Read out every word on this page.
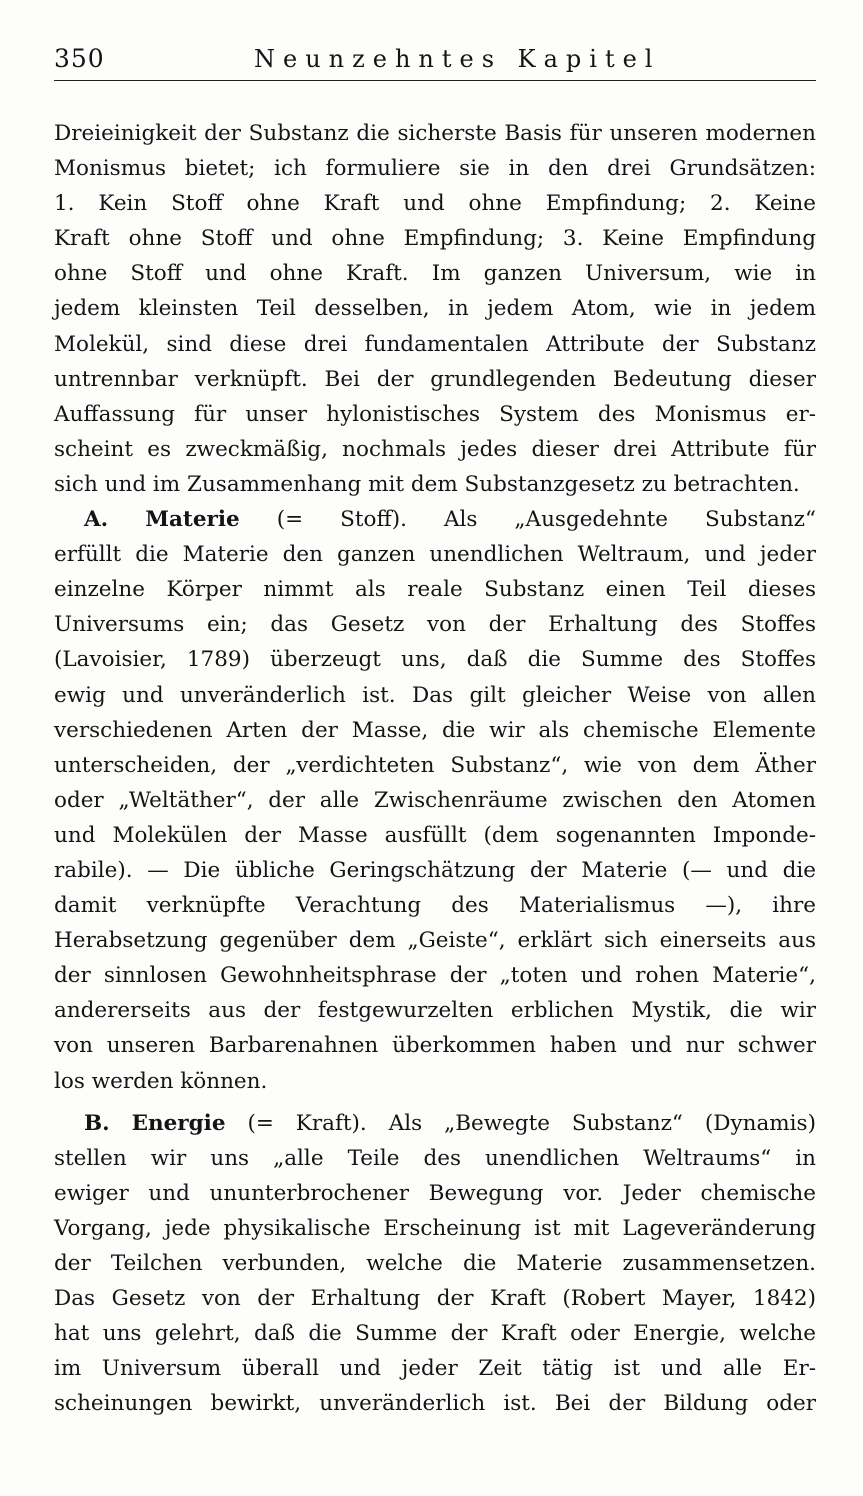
350	Neunzehntes Kapitel
Dreieinigkeit der Substanz die sicherste Basis für unseren modernen
Monismus bietet; ich formuliere sie in den drei Grundsätzen:
1. Kein Stoff ohne Kraft und ohne Empfindung; 2. Keine
Kraft ohne Stoff und ohne Empfindung; 3. Keine Empfindung
ohne Stoff und ohne Kraft. Im ganzen Universum, wie in
jedem kleinsten Teil desselben, in jedem Atom, wie in jedem
Molekül, sind diese drei fundamentalen Attribute der Substanz
untrennbar verknüpft. Bei der grundlegenden Bedeutung dieser
Auffassung für unser hylonistisches System des Monismus er-
scheint es zweckmäßig, nochmals jedes dieser drei Attribute für
sich und im Zusammenhang mit dem Substanzgesetz zu betrachten.
A. Materie (= Stoff). Als „Ausgedehnte Substanz“
erfüllt die Materie den ganzen unendlichen Weltraum, und jeder
einzelne Körper nimmt als reale Substanz einen Teil dieses
Universums ein; das Gesetz von der Erhaltung des Stoffes
(Lavoisier, 1789) überzeugt uns, daß die Summe des Stoffes
ewig und unveränderlich ist. Das gilt gleicher Weise von allen
verschiedenen Arten der Masse, die wir als chemische Elemente
unterscheiden, der „verdichteten Substanz“, wie von dem Äther
oder „Weltäther“, der alle Zwischenräume zwischen den Atomen
und Molekülen der Masse ausfüllt (dem sogenannten Imponde-
rabile). — Die übliche Geringschätzung der Materie (— und die
damit verknüpfte Verachtung des Materialismus —), ihre
Herabsetzung gegenüber dem „Geiste“, erklärt sich einerseits aus
der sinnlosen Gewohnheitsphrase der „toten und rohen Materie“,
andererseits aus der festgewurzelten erblichen Mystik, die wir
von unseren Barbarenahnen überkommen haben und nur schwer
los werden können.
B. Energie (= Kraft). Als „Bewegte Substanz“ (Dynamis)
stellen wir uns „alle Teile des unendlichen Weltraums“ in
ewiger und ununterbrochener Bewegung vor. Jeder chemische
Vorgang, jede physikalische Erscheinung ist mit Lageveränderung
der Teilchen verbunden, welche die Materie zusammensetzen.
Das Gesetz von der Erhaltung der Kraft (Robert Mayer, 1842)
hat uns gelehrt, daß die Summe der Kraft oder Energie, welche
im Universum überall und jeder Zeit tätig ist und alle Er-
scheinungen bewirkt, unveränderlich ist. Bei der Bildung oder
